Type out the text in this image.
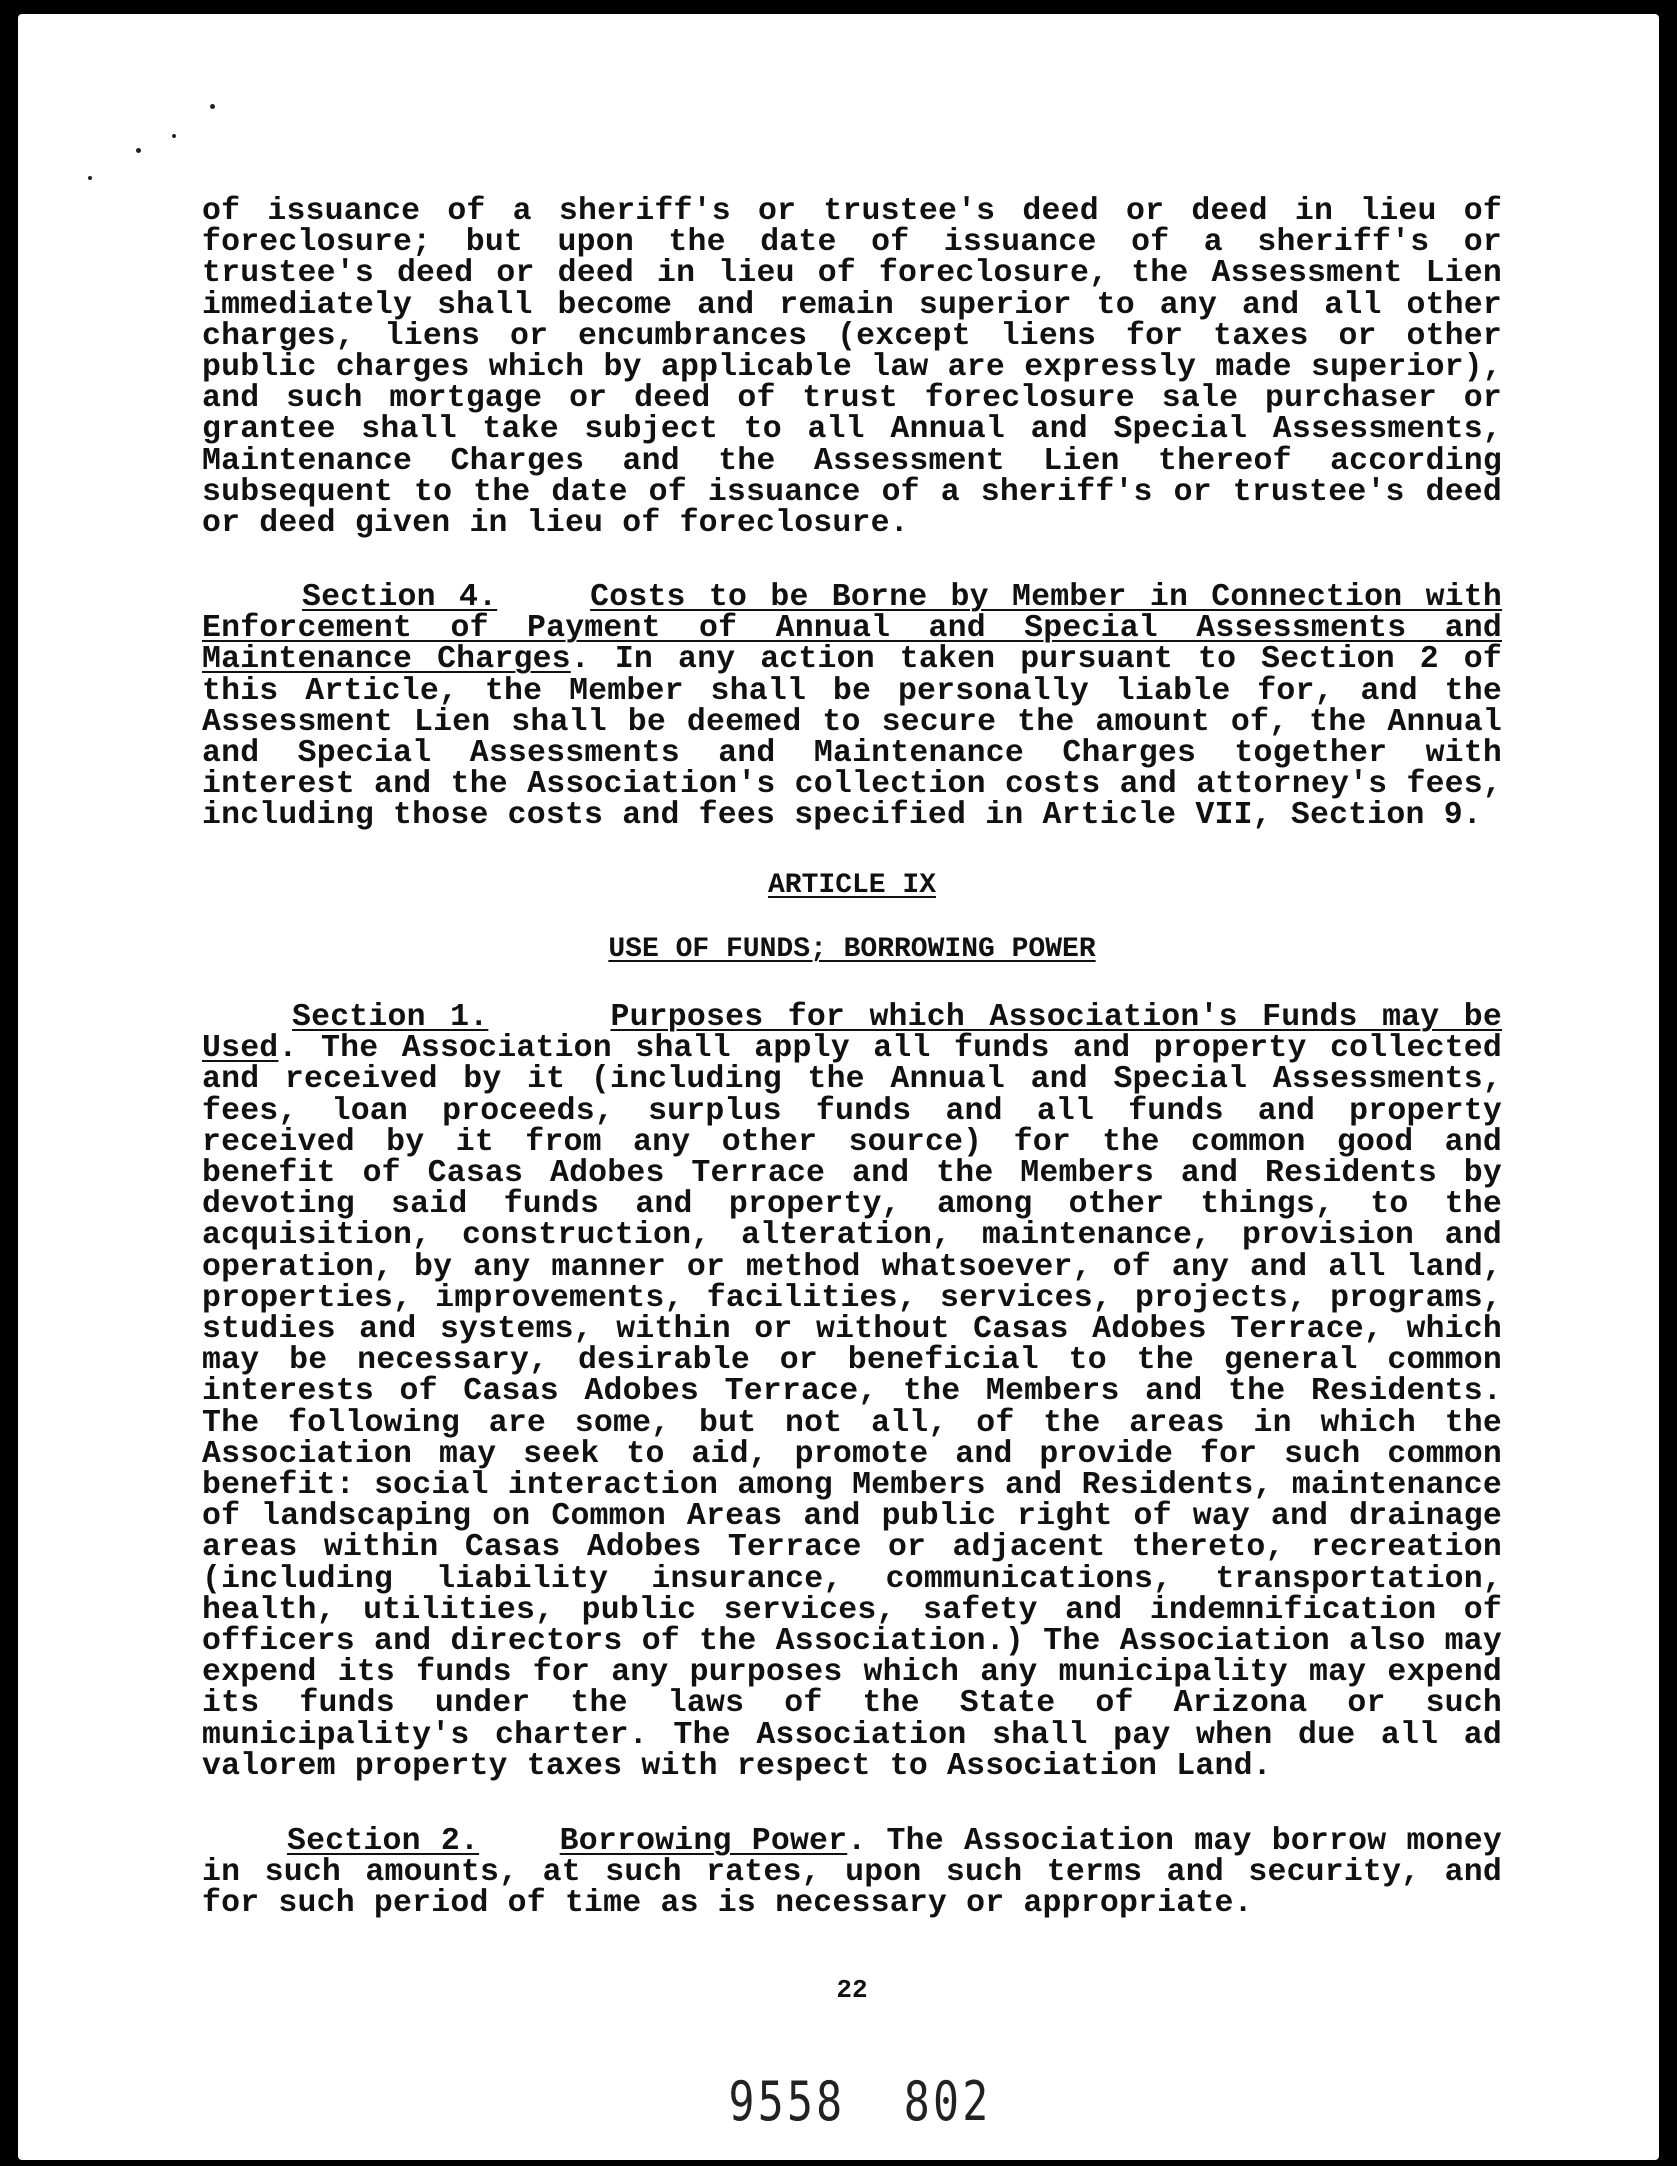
of issuance of a sheriff's or trustee's deed or deed in lieu of foreclosure; but upon the date of issuance of a sheriff's or trustee's deed or deed in lieu of foreclosure, the Assessment Lien immediately shall become and remain superior to any and all other charges, liens or encumbrances (except liens for taxes or other public charges which by applicable law are expressly made superior), and such mortgage or deed of trust foreclosure sale purchaser or grantee shall take subject to all Annual and Special Assessments, Maintenance Charges and the Assessment Lien thereof according subsequent to the date of issuance of a sheriff's or trustee's deed or deed given in lieu of foreclosure.
Section 4.	Costs to be Borne by Member in Connection with Enforcement of Payment of Annual and Special Assessments and Maintenance Charges. In any action taken pursuant to Section 2 of this Article, the Member shall be personally liable for, and the Assessment Lien shall be deemed to secure the amount of, the Annual and Special Assessments and Maintenance Charges together with interest and the Association's collection costs and attorney's fees, including those costs and fees specified in Article VII, Section 9.
ARTICLE IX
USE OF FUNDS; BORROWING POWER
Section 1.	Purposes for which Association's Funds may be Used. The Association shall apply all funds and property collected and received by it (including the Annual and Special Assessments, fees, loan proceeds, surplus funds and all funds and property received by it from any other source) for the common good and benefit of Casas Adobes Terrace and the Members and Residents by devoting said funds and property, among other things, to the acquisition, construction, alteration, maintenance, provision and operation, by any manner or method whatsoever, of any and all land, properties, improvements, facilities, services, projects, programs, studies and systems, within or without Casas Adobes Terrace, which may be necessary, desirable or beneficial to the general common interests of Casas Adobes Terrace, the Members and the Residents. The following are some, but not all, of the areas in which the Association may seek to aid, promote and provide for such common benefit: social interaction among Members and Residents, maintenance of landscaping on Common Areas and public right of way and drainage areas within Casas Adobes Terrace or adjacent thereto, recreation (including liability insurance, communications, transportation, health, utilities, public services, safety and indemnification of officers and directors of the Association.) The Association also may expend its funds for any purposes which any municipality may expend its funds under the laws of the State of Arizona or such municipality's charter. The Association shall pay when due all ad valorem property taxes with respect to Association Land.
Section 2.	Borrowing Power. The Association may borrow money in such amounts, at such rates, upon such terms and security, and for such period of time as is necessary or appropriate.
22
9558  802
